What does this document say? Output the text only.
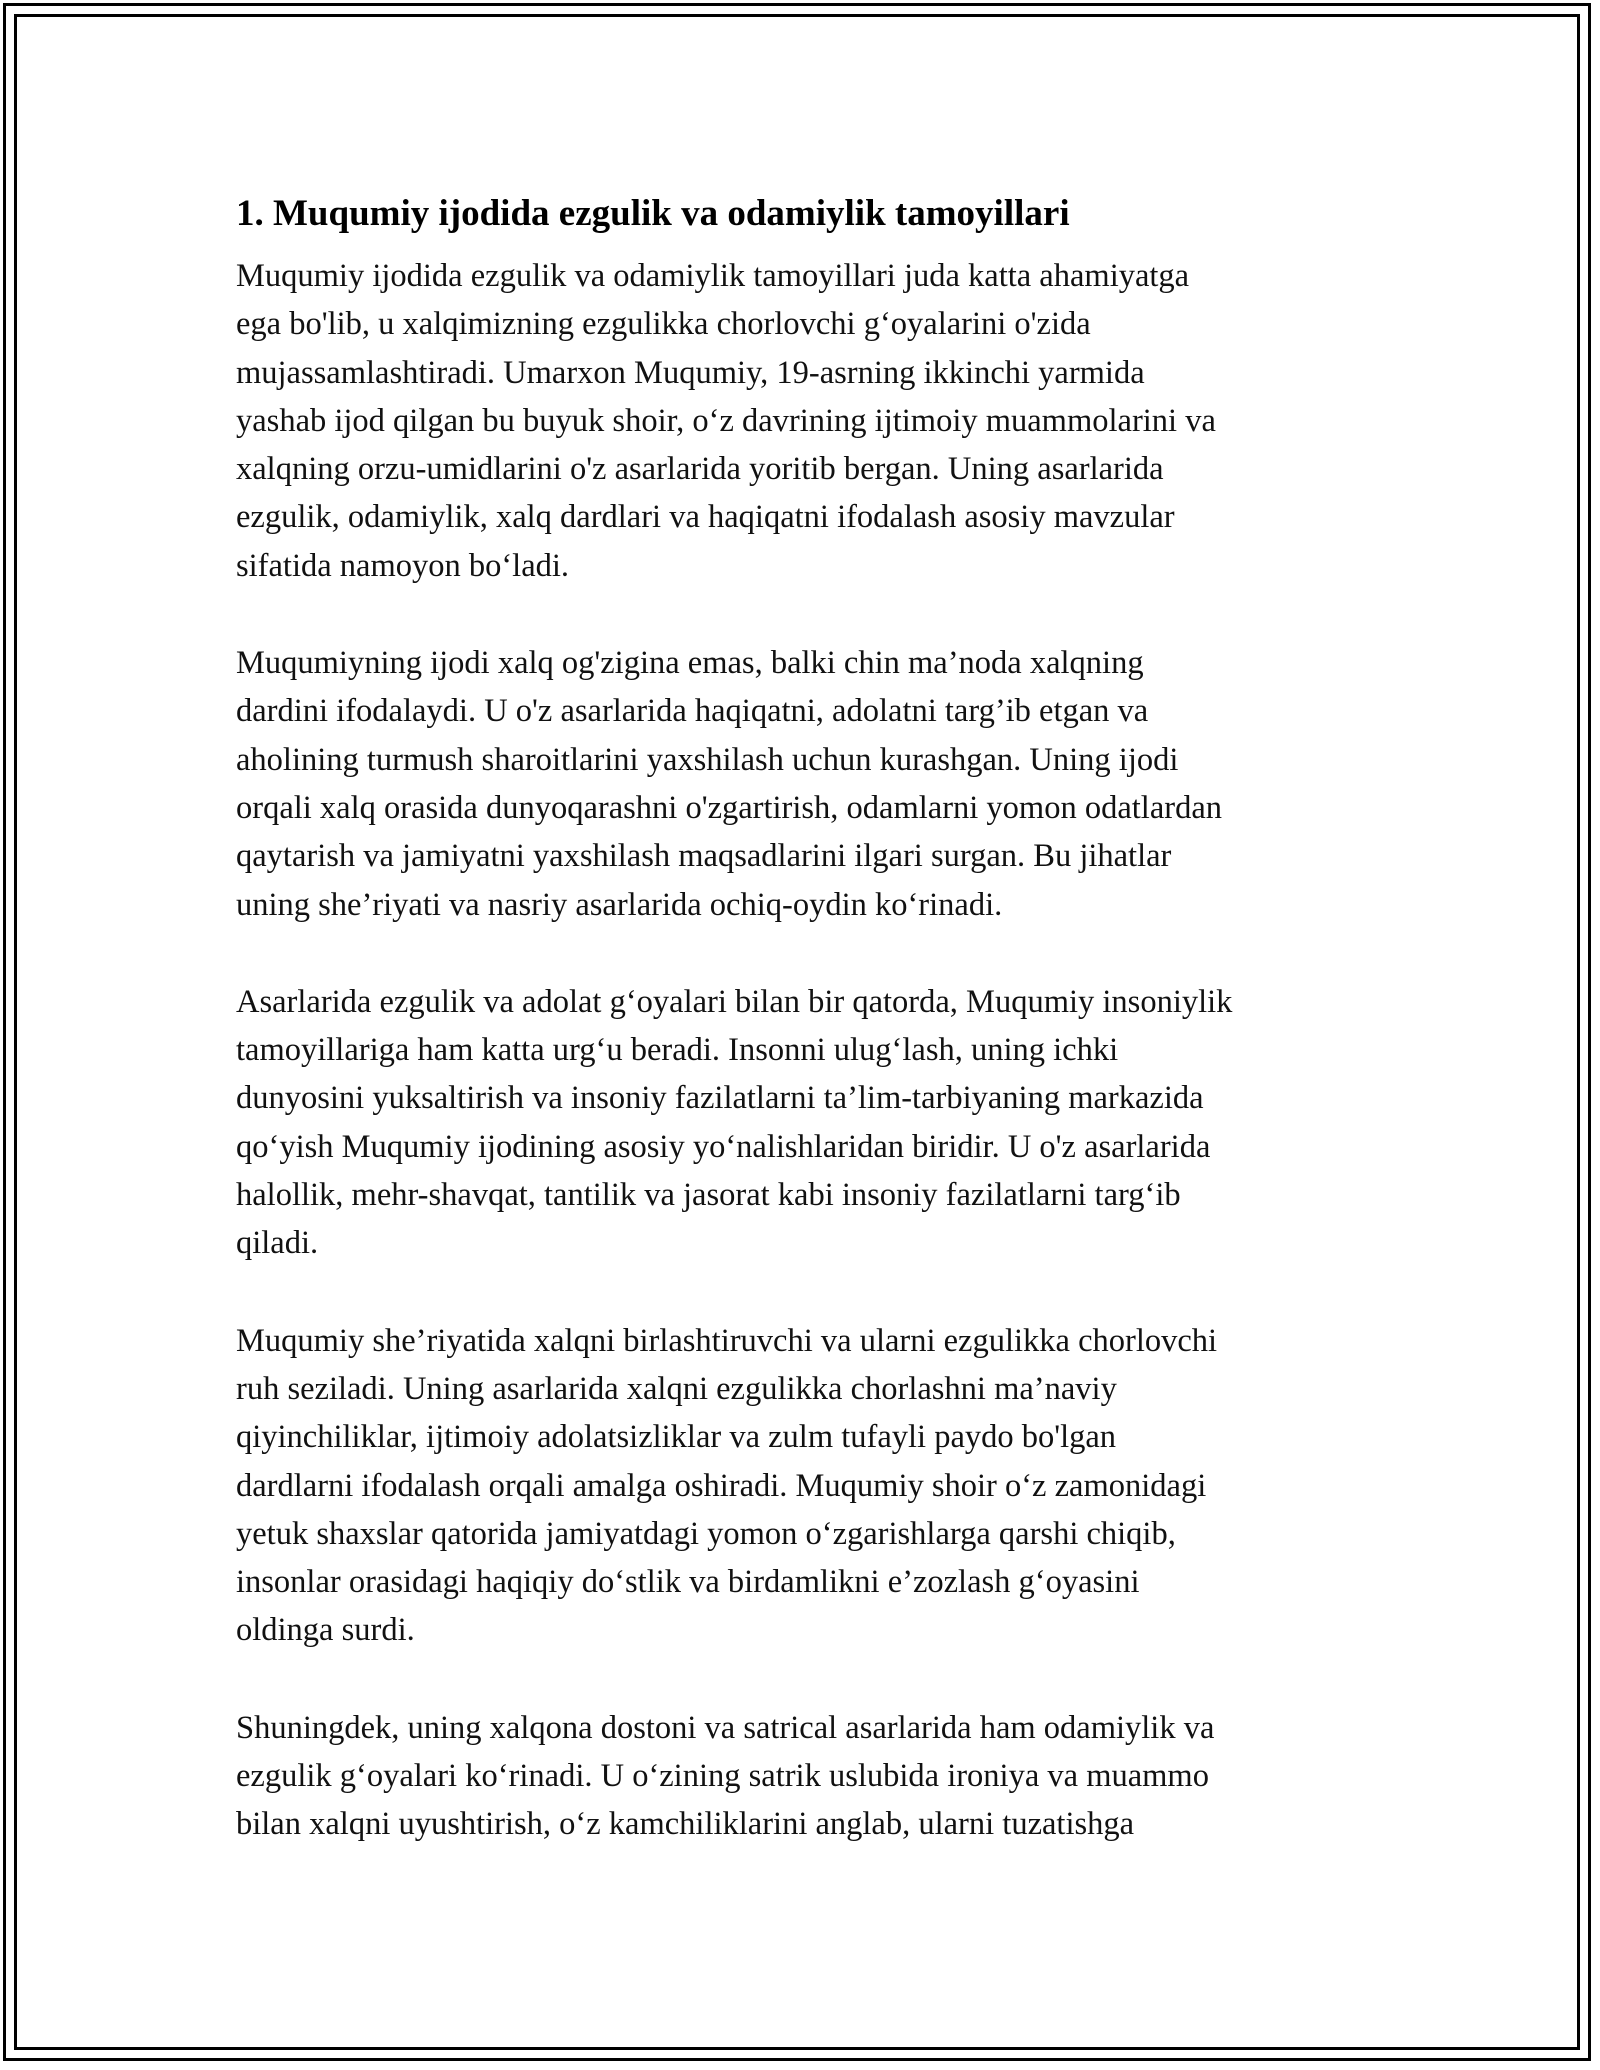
1. Muqumiy ijodida ezgulik va odamiylik tamoyillari

Muqumiy ijodida ezgulik va odamiylik tamoyillari juda katta ahamiyatga
ega bo'lib, u xalqimizning ezgulikka chorlovchi g‘oyalarini o'zida
mujassamlashtiradi. Umarxon Muqumiy, 19-asrning ikkinchi yarmida
yashab ijod qilgan bu buyuk shoir, o‘z davrining ijtimoiy muammolarini va
xalqning orzu-umidlarini o'z asarlarida yoritib bergan. Uning asarlarida
ezgulik, odamiylik, xalq dardlari va haqiqatni ifodalash asosiy mavzular
sifatida namoyon bo‘ladi.

Muqumiyning ijodi xalq og'zigina emas, balki chin ma’noda xalqning
dardini ifodalaydi. U o'z asarlarida haqiqatni, adolatni targ’ib etgan va
aholining turmush sharoitlarini yaxshilash uchun kurashgan. Uning ijodi
orqali xalq orasida dunyoqarashni o'zgartirish, odamlarni yomon odatlardan
qaytarish va jamiyatni yaxshilash maqsadlarini ilgari surgan. Bu jihatlar
uning she’riyati va nasriy asarlarida ochiq-oydin ko‘rinadi.

Asarlarida ezgulik va adolat g‘oyalari bilan bir qatorda, Muqumiy insoniylik
tamoyillariga ham katta urg‘u beradi. Insonni ulug‘lash, uning ichki
dunyosini yuksaltirish va insoniy fazilatlarni ta’lim-tarbiyaning markazida
qo‘yish Muqumiy ijodining asosiy yo‘nalishlaridan biridir. U o'z asarlarida
halollik, mehr-shavqat, tantilik va jasorat kabi insoniy fazilatlarni targ‘ib
qiladi.

Muqumiy she’riyatida xalqni birlashtiruvchi va ularni ezgulikka chorlovchi
ruh seziladi. Uning asarlarida xalqni ezgulikka chorlashni ma’naviy
qiyinchiliklar, ijtimoiy adolatsizliklar va zulm tufayli paydo bo'lgan
dardlarni ifodalash orqali amalga oshiradi. Muqumiy shoir o‘z zamonidagi
yetuk shaxslar qatorida jamiyatdagi yomon o‘zgarishlarga qarshi chiqib,
insonlar orasidagi haqiqiy do‘stlik va birdamlikni e’zozlash g‘oyasini
oldinga surdi.

Shuningdek, uning xalqona dostoni va satrical asarlarida ham odamiylik va
ezgulik g‘oyalari ko‘rinadi. U o‘zining satrik uslubida ironiya va muammo
bilan xalqni uyushtirish, o‘z kamchiliklarini anglab, ularni tuzatishga
